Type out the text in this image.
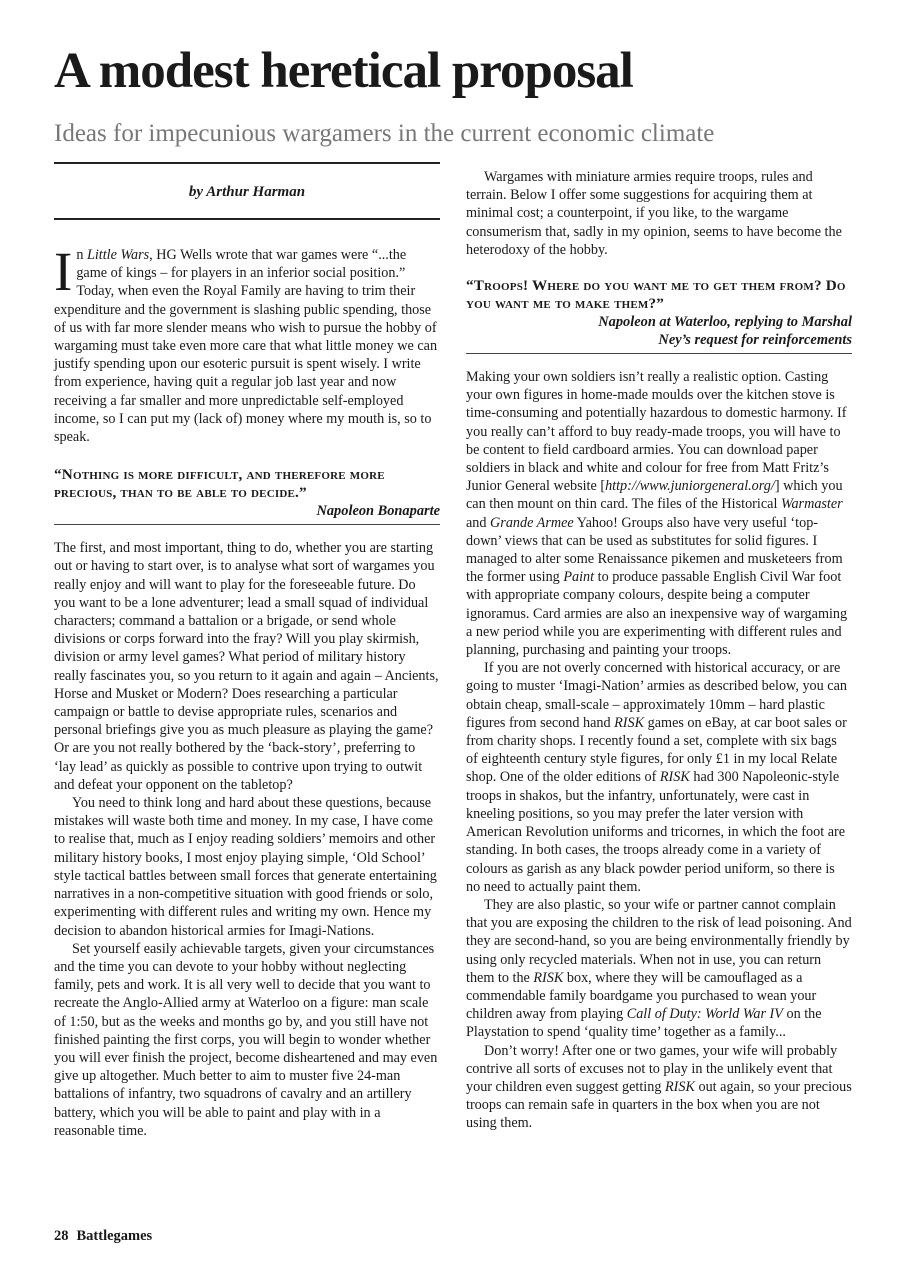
A modest heretical proposal
Ideas for impecunious wargamers in the current economic climate
by Arthur Harman

In Little Wars, HG Wells wrote that war games were “...the game of kings – for players in an inferior social position.” Today, when even the Royal Family are having to trim their expenditure and the government is slashing public spending, those of us with far more slender means who wish to pursue the hobby of wargaming must take even more care that what little money we can justify spending upon our esoteric pursuit is spent wisely. I write from experience, having quit a regular job last year and now receiving a far smaller and more unpredictable self-employed income, so I can put my (lack of) money where my mouth is, so to speak.

“Nothing is more difficult, and therefore more precious, than to be able to decide.”
Napoleon Bonaparte

The first, and most important, thing to do, whether you are starting out or having to start over, is to analyse what sort of wargames you really enjoy and will want to play for the foreseeable future. Do you want to be a lone adventurer; lead a small squad of individual characters; command a battalion or a brigade, or send whole divisions or corps forward into the fray? Will you play skirmish, division or army level games? What period of military history really fascinates you, so you return to it again and again – Ancients, Horse and Musket or Modern? Does researching a particular campaign or battle to devise appropriate rules, scenarios and personal briefings give you as much pleasure as playing the game? Or are you not really bothered by the ‘back-story’, preferring to ‘lay lead’ as quickly as possible to contrive upon trying to outwit and defeat your opponent on the tabletop?

You need to think long and hard about these questions, because mistakes will waste both time and money. In my case, I have come to realise that, much as I enjoy reading soldiers’ memoirs and other military history books, I most enjoy playing simple, ‘Old School’ style tactical battles between small forces that generate entertaining narratives in a non-competitive situation with good friends or solo, experimenting with different rules and writing my own. Hence my decision to abandon historical armies for Imagi-Nations.

Set yourself easily achievable targets, given your circumstances and the time you can devote to your hobby without neglecting family, pets and work. It is all very well to decide that you want to recreate the Anglo-Allied army at Waterloo on a figure: man scale of 1:50, but as the weeks and months go by, and you still have not finished painting the first corps, you will begin to wonder whether you will ever finish the project, become disheartened and may even give up altogether. Much better to aim to muster five 24-man battalions of infantry, two squadrons of cavalry and an artillery battery, which you will be able to paint and play with in a reasonable time.

Wargames with miniature armies require troops, rules and terrain. Below I offer some suggestions for acquiring them at minimal cost; a counterpoint, if you like, to the wargame consumerism that, sadly in my opinion, seems to have become the heterodoxy of the hobby.

“Troops! Where do you want me to get them from? Do you want me to make them?”
Napoleon at Waterloo, replying to Marshal
Ney’s request for reinforcements

Making your own soldiers isn’t really a realistic option. Casting your own figures in home-made moulds over the kitchen stove is time-consuming and potentially hazardous to domestic harmony. If you really can’t afford to buy ready-made troops, you will have to be content to field cardboard armies. You can download paper soldiers in black and white and colour for free from Matt Fritz’s Junior General website [http://www.juniorgeneral.org/] which you can then mount on thin card. The files of the Historical Warmaster and Grande Armee Yahoo! Groups also have very useful ‘top-down’ views that can be used as substitutes for solid figures. I managed to alter some Renaissance pikemen and musketeers from the former using Paint to produce passable English Civil War foot with appropriate company colours, despite being a computer ignoramus. Card armies are also an inexpensive way of wargaming a new period while you are experimenting with different rules and planning, purchasing and painting your troops.

If you are not overly concerned with historical accuracy, or are going to muster ‘Imagi-Nation’ armies as described below, you can obtain cheap, small-scale – approximately 10mm – hard plastic figures from second hand RISK games on eBay, at car boot sales or from charity shops. I recently found a set, complete with six bags of eighteenth century style figures, for only £1 in my local Relate shop. One of the older editions of RISK had 300 Napoleonic-style troops in shakos, but the infantry, unfortunately, were cast in kneeling positions, so you may prefer the later version with American Revolution uniforms and tricornes, in which the foot are standing. In both cases, the troops already come in a variety of colours as garish as any black powder period uniform, so there is no need to actually paint them.

They are also plastic, so your wife or partner cannot complain that you are exposing the children to the risk of lead poisoning. And they are second-hand, so you are being environmentally friendly by using only recycled materials. When not in use, you can return them to the RISK box, where they will be camouflaged as a commendable family boardgame you purchased to wean your children away from playing Call of Duty: World War IV on the Playstation to spend ‘quality time’ together as a family...

Don’t worry! After one or two games, your wife will probably contrive all sorts of excuses not to play in the unlikely event that your children even suggest getting RISK out again, so your precious troops can remain safe in quarters in the box when you are not using them.

28 Battlegames
